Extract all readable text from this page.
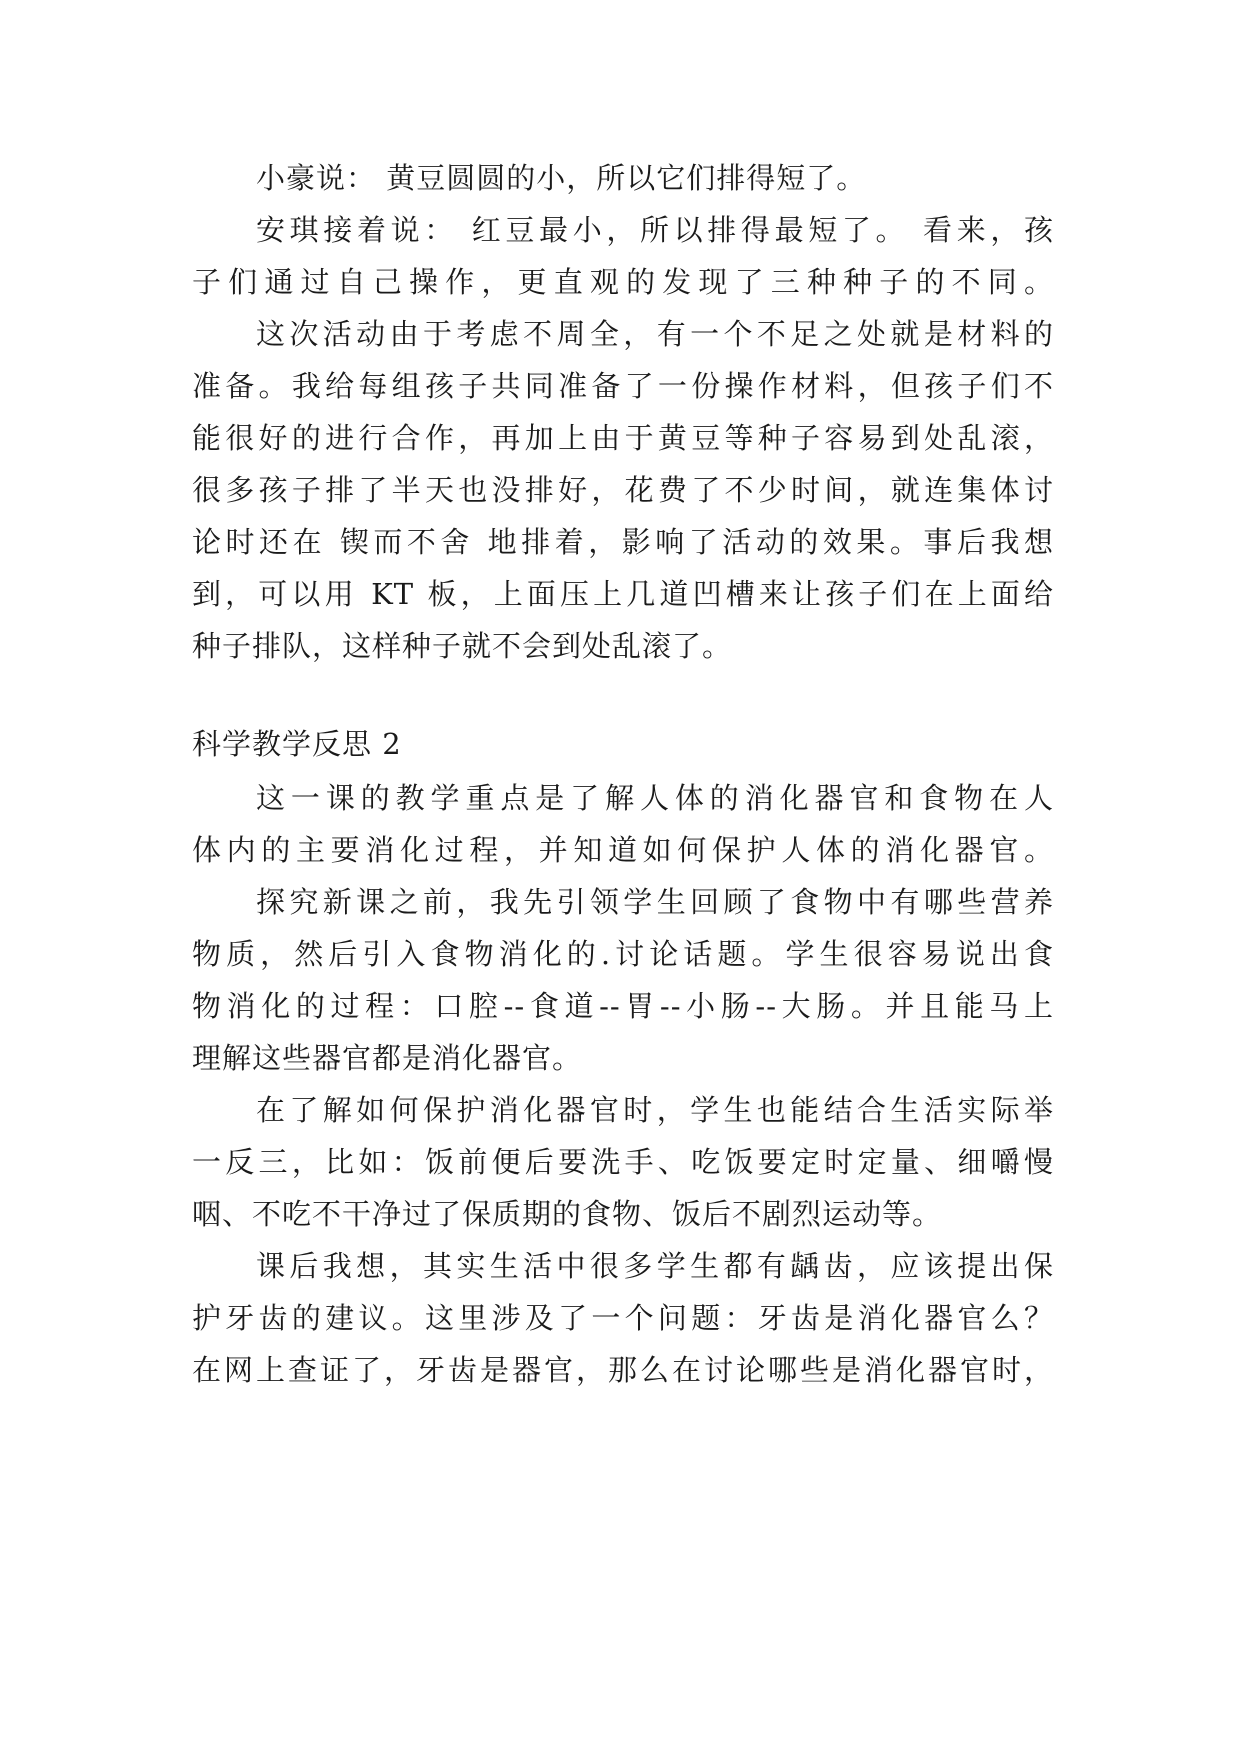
小豪说： 黄豆圆圆的小，所以它们排得短了。
安琪接着说： 红豆最小，所以排得最短了。 看来，孩
子们通过自己操作，更直观的发现了三种种子的不同。
这次活动由于考虑不周全，有一个不足之处就是材料的
准备。我给每组孩子共同准备了一份操作材料，但孩子们不
能很好的进行合作，再加上由于黄豆等种子容易到处乱滚，
很多孩子排了半天也没排好，花费了不少时间，就连集体讨
论时还在 锲而不舍 地排着，影响了活动的效果。事后我想
到，可以用 KT 板，上面压上几道凹槽来让孩子们在上面给
种子排队，这样种子就不会到处乱滚了。
科学教学反思 2
这一课的教学重点是了解人体的消化器官和食物在人
体内的主要消化过程，并知道如何保护人体的消化器官。
探究新课之前，我先引领学生回顾了食物中有哪些营养
物质，然后引入食物消化的.讨论话题。学生很容易说出食
物消化的过程：口腔--食道--胃--小肠--大肠。并且能马上
理解这些器官都是消化器官。
在了解如何保护消化器官时，学生也能结合生活实际举
一反三，比如：饭前便后要洗手、吃饭要定时定量、细嚼慢
咽、不吃不干净过了保质期的食物、饭后不剧烈运动等。
课后我想，其实生活中很多学生都有龋齿，应该提出保
护牙齿的建议。这里涉及了一个问题：牙齿是消化器官么？
在网上查证了，牙齿是器官，那么在讨论哪些是消化器官时，
